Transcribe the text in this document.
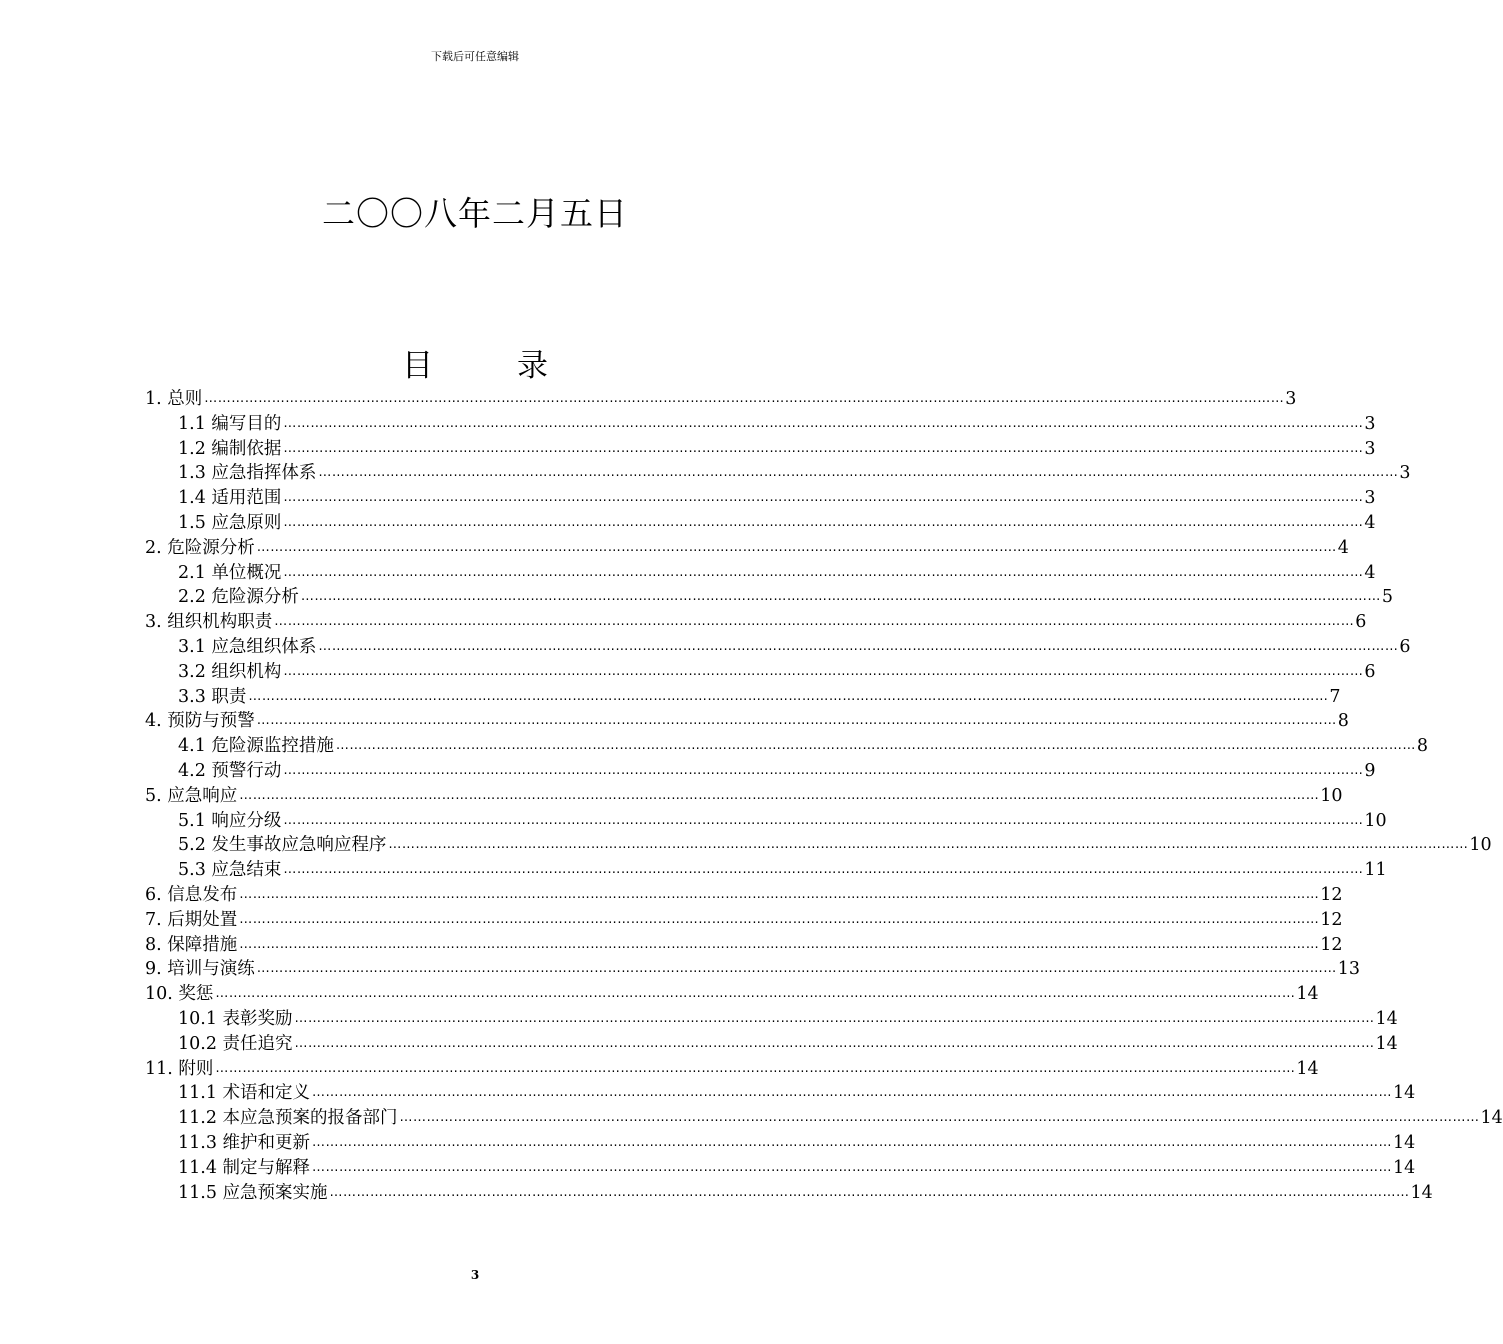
下载后可任意编辑
二〇〇八年二月五日
目	录
1. 总则 …………………………………………………………………………………………………………………………………………………………………………………………………………………… 3
1.1 编写目的 …………………………………………………………………………………………………………………………………………………………………………………………………………………… 3
1.2 编制依据 …………………………………………………………………………………………………………………………………………………………………………………………………………………… 3
1.3 应急指挥体系 …………………………………………………………………………………………………………………………………………………………………………………………………………………… 3
1.4 适用范围 …………………………………………………………………………………………………………………………………………………………………………………………………………………… 3
1.5 应急原则 …………………………………………………………………………………………………………………………………………………………………………………………………………………… 4
2. 危险源分析 …………………………………………………………………………………………………………………………………………………………………………………………………………………… 4
2.1 单位概况 …………………………………………………………………………………………………………………………………………………………………………………………………………………… 4
2.2 危险源分析 …………………………………………………………………………………………………………………………………………………………………………………………………………………… 5
3. 组织机构职责 …………………………………………………………………………………………………………………………………………………………………………………………………………………… 6
3.1 应急组织体系 …………………………………………………………………………………………………………………………………………………………………………………………………………………… 6
3.2 组织机构 …………………………………………………………………………………………………………………………………………………………………………………………………………………… 6
3.3 职责 …………………………………………………………………………………………………………………………………………………………………………………………………………………… 7
4. 预防与预警 …………………………………………………………………………………………………………………………………………………………………………………………………………………… 8
4.1 危险源监控措施 …………………………………………………………………………………………………………………………………………………………………………………………………………………… 8
4.2 预警行动 …………………………………………………………………………………………………………………………………………………………………………………………………………………… 9
5. 应急响应 …………………………………………………………………………………………………………………………………………………………………………………………………………………… 10
5.1 响应分级 …………………………………………………………………………………………………………………………………………………………………………………………………………………… 10
5.2 发生事故应急响应程序 …………………………………………………………………………………………………………………………………………………………………………………………………………………… 10
5.3 应急结束 …………………………………………………………………………………………………………………………………………………………………………………………………………………… 11
6. 信息发布 …………………………………………………………………………………………………………………………………………………………………………………………………………………… 12
7. 后期处置 …………………………………………………………………………………………………………………………………………………………………………………………………………………… 12
8. 保障措施 …………………………………………………………………………………………………………………………………………………………………………………………………………………… 12
9. 培训与演练 …………………………………………………………………………………………………………………………………………………………………………………………………………………… 13
10. 奖惩 …………………………………………………………………………………………………………………………………………………………………………………………………………………… 14
10.1 表彰奖励 …………………………………………………………………………………………………………………………………………………………………………………………………………………… 14
10.2 责任追究 …………………………………………………………………………………………………………………………………………………………………………………………………………………… 14
11. 附则 …………………………………………………………………………………………………………………………………………………………………………………………………………………… 14
11.1 术语和定义 …………………………………………………………………………………………………………………………………………………………………………………………………………………… 14
11.2 本应急预案的报备部门 …………………………………………………………………………………………………………………………………………………………………………………………………………………… 14
11.3 维护和更新 …………………………………………………………………………………………………………………………………………………………………………………………………………………… 14
11.4 制定与解释 …………………………………………………………………………………………………………………………………………………………………………………………………………………… 14
11.5 应急预案实施 …………………………………………………………………………………………………………………………………………………………………………………………………………………… 14
3
